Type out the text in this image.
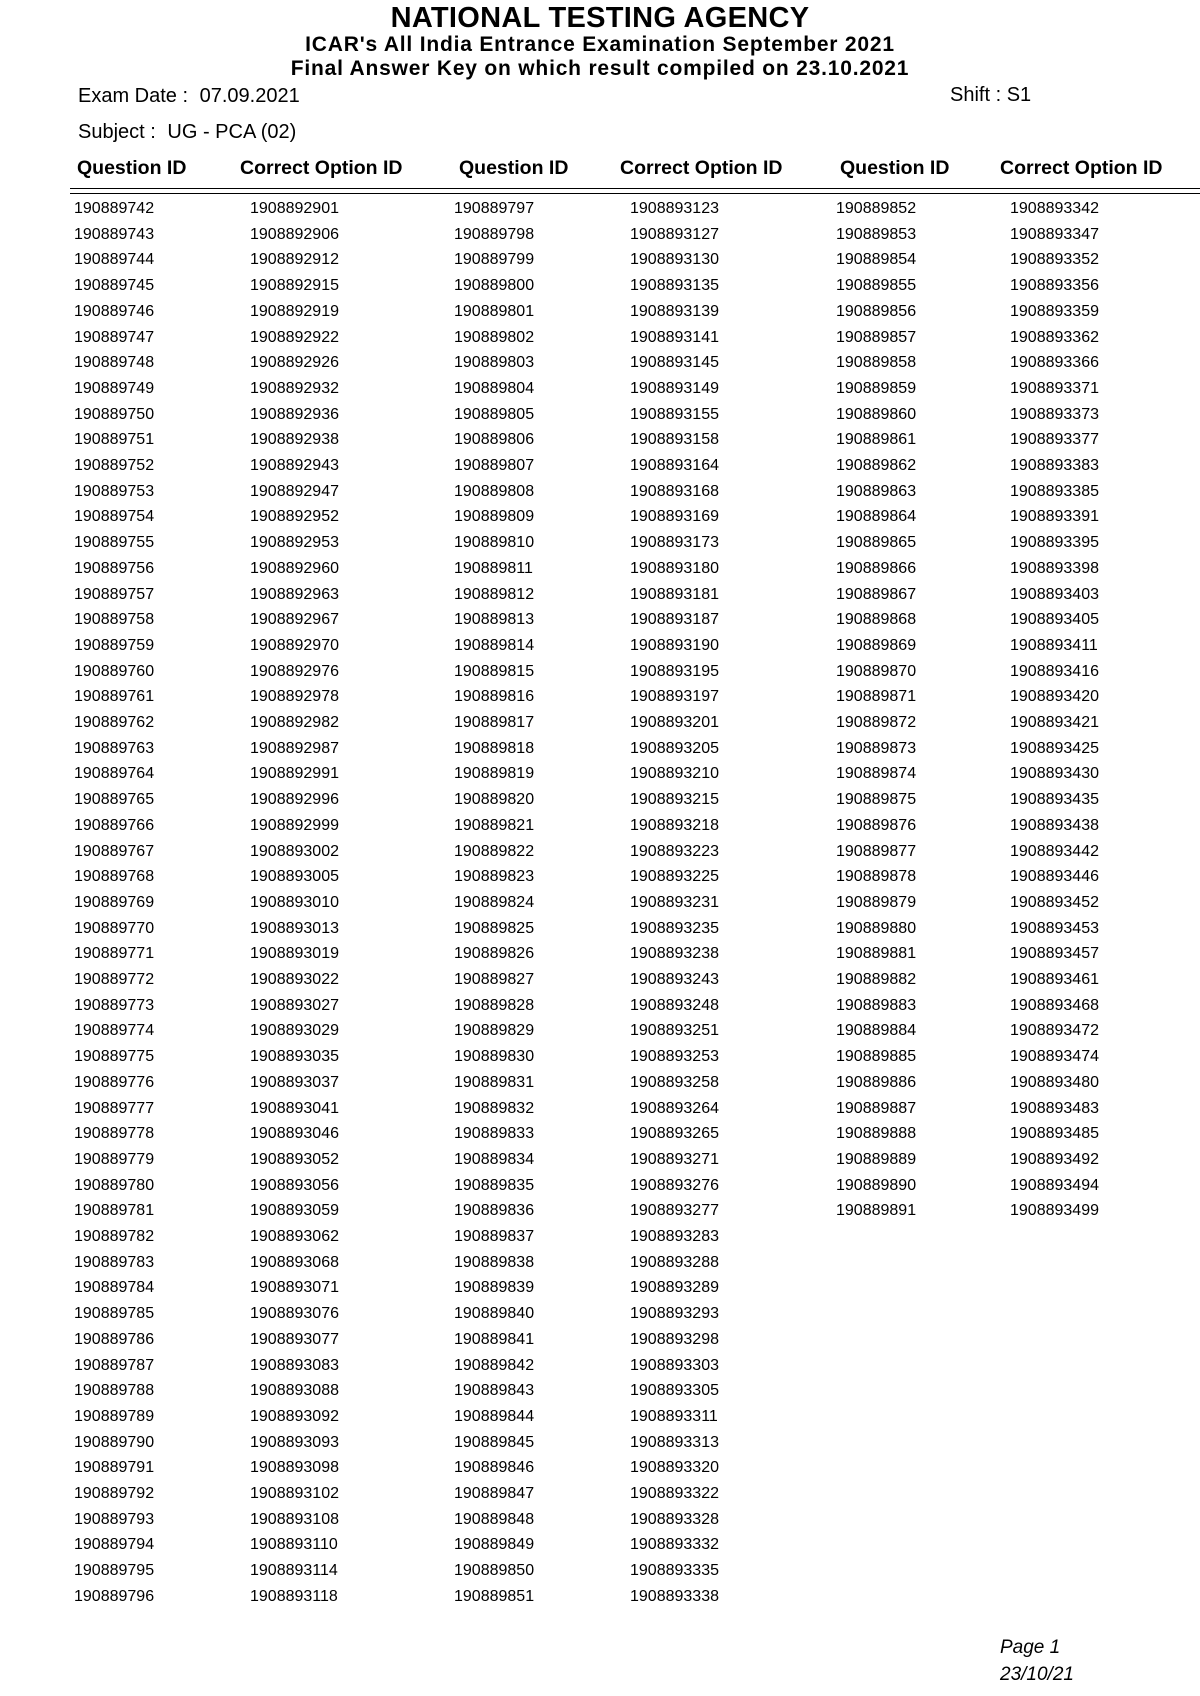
NATIONAL TESTING AGENCY
ICAR's All India Entrance Examination September 2021
Final Answer Key on which result compiled on 23.10.2021
Exam Date : 07.09.2021	Shift : S1
Subject : UG - PCA (02)
Question ID	Correct Option ID	Question ID	Correct Option ID	Question ID	Correct Option ID
190889742	1908892901	190889797	1908893123	190889852	1908893342
190889743	1908892906	190889798	1908893127	190889853	1908893347
190889744	1908892912	190889799	1908893130	190889854	1908893352
190889745	1908892915	190889800	1908893135	190889855	1908893356
190889746	1908892919	190889801	1908893139	190889856	1908893359
190889747	1908892922	190889802	1908893141	190889857	1908893362
190889748	1908892926	190889803	1908893145	190889858	1908893366
190889749	1908892932	190889804	1908893149	190889859	1908893371
190889750	1908892936	190889805	1908893155	190889860	1908893373
190889751	1908892938	190889806	1908893158	190889861	1908893377
190889752	1908892943	190889807	1908893164	190889862	1908893383
190889753	1908892947	190889808	1908893168	190889863	1908893385
190889754	1908892952	190889809	1908893169	190889864	1908893391
190889755	1908892953	190889810	1908893173	190889865	1908893395
190889756	1908892960	190889811	1908893180	190889866	1908893398
190889757	1908892963	190889812	1908893181	190889867	1908893403
190889758	1908892967	190889813	1908893187	190889868	1908893405
190889759	1908892970	190889814	1908893190	190889869	1908893411
190889760	1908892976	190889815	1908893195	190889870	1908893416
190889761	1908892978	190889816	1908893197	190889871	1908893420
190889762	1908892982	190889817	1908893201	190889872	1908893421
190889763	1908892987	190889818	1908893205	190889873	1908893425
190889764	1908892991	190889819	1908893210	190889874	1908893430
190889765	1908892996	190889820	1908893215	190889875	1908893435
190889766	1908892999	190889821	1908893218	190889876	1908893438
190889767	1908893002	190889822	1908893223	190889877	1908893442
190889768	1908893005	190889823	1908893225	190889878	1908893446
190889769	1908893010	190889824	1908893231	190889879	1908893452
190889770	1908893013	190889825	1908893235	190889880	1908893453
190889771	1908893019	190889826	1908893238	190889881	1908893457
190889772	1908893022	190889827	1908893243	190889882	1908893461
190889773	1908893027	190889828	1908893248	190889883	1908893468
190889774	1908893029	190889829	1908893251	190889884	1908893472
190889775	1908893035	190889830	1908893253	190889885	1908893474
190889776	1908893037	190889831	1908893258	190889886	1908893480
190889777	1908893041	190889832	1908893264	190889887	1908893483
190889778	1908893046	190889833	1908893265	190889888	1908893485
190889779	1908893052	190889834	1908893271	190889889	1908893492
190889780	1908893056	190889835	1908893276	190889890	1908893494
190889781	1908893059	190889836	1908893277	190889891	1908893499
190889782	1908893062	190889837	1908893283
190889783	1908893068	190889838	1908893288
190889784	1908893071	190889839	1908893289
190889785	1908893076	190889840	1908893293
190889786	1908893077	190889841	1908893298
190889787	1908893083	190889842	1908893303
190889788	1908893088	190889843	1908893305
190889789	1908893092	190889844	1908893311
190889790	1908893093	190889845	1908893313
190889791	1908893098	190889846	1908893320
190889792	1908893102	190889847	1908893322
190889793	1908893108	190889848	1908893328
190889794	1908893110	190889849	1908893332
190889795	1908893114	190889850	1908893335
190889796	1908893118	190889851	1908893338
Page 1
23/10/21
